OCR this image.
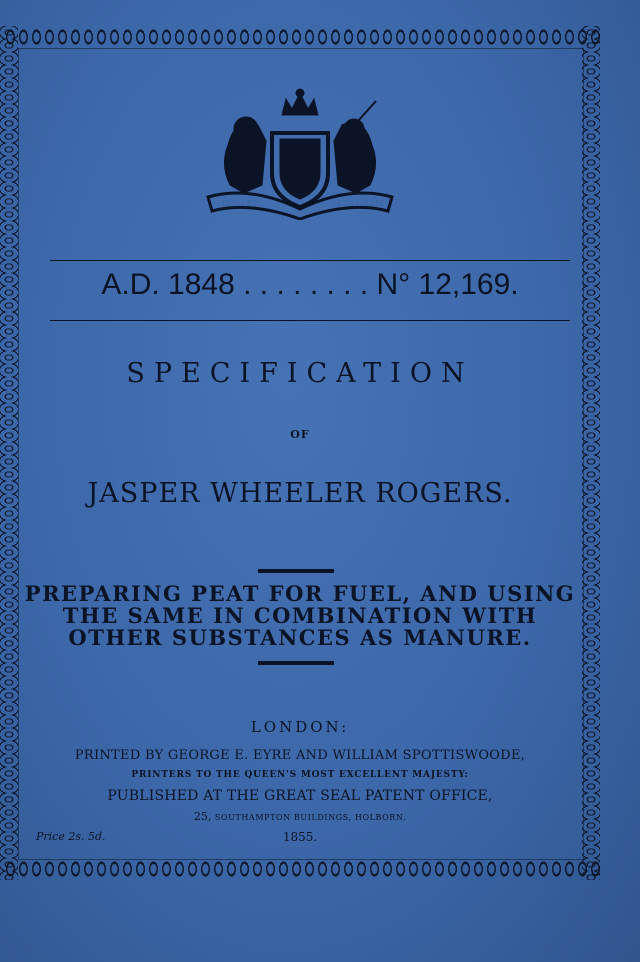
DIEU ET	MON DROIT
A.D. 1848 . . . . . . . . N° 12,169.
SPECIFICATION
OF
JASPER WHEELER ROGERS.
PREPARING PEAT FOR FUEL, AND USING
THE SAME IN COMBINATION WITH
OTHER SUBSTANCES AS MANURE.
LONDON:
PRINTED BY GEORGE E. EYRE AND WILLIAM SPOTTISWOODE,
PRINTERS TO THE QUEEN'S MOST EXCELLENT MAJESTY:
PUBLISHED AT THE GREAT SEAL PATENT OFFICE,
25, SOUTHAMPTON BUILDINGS, HOLBORN.
Price 2s. 5d.	1855.
